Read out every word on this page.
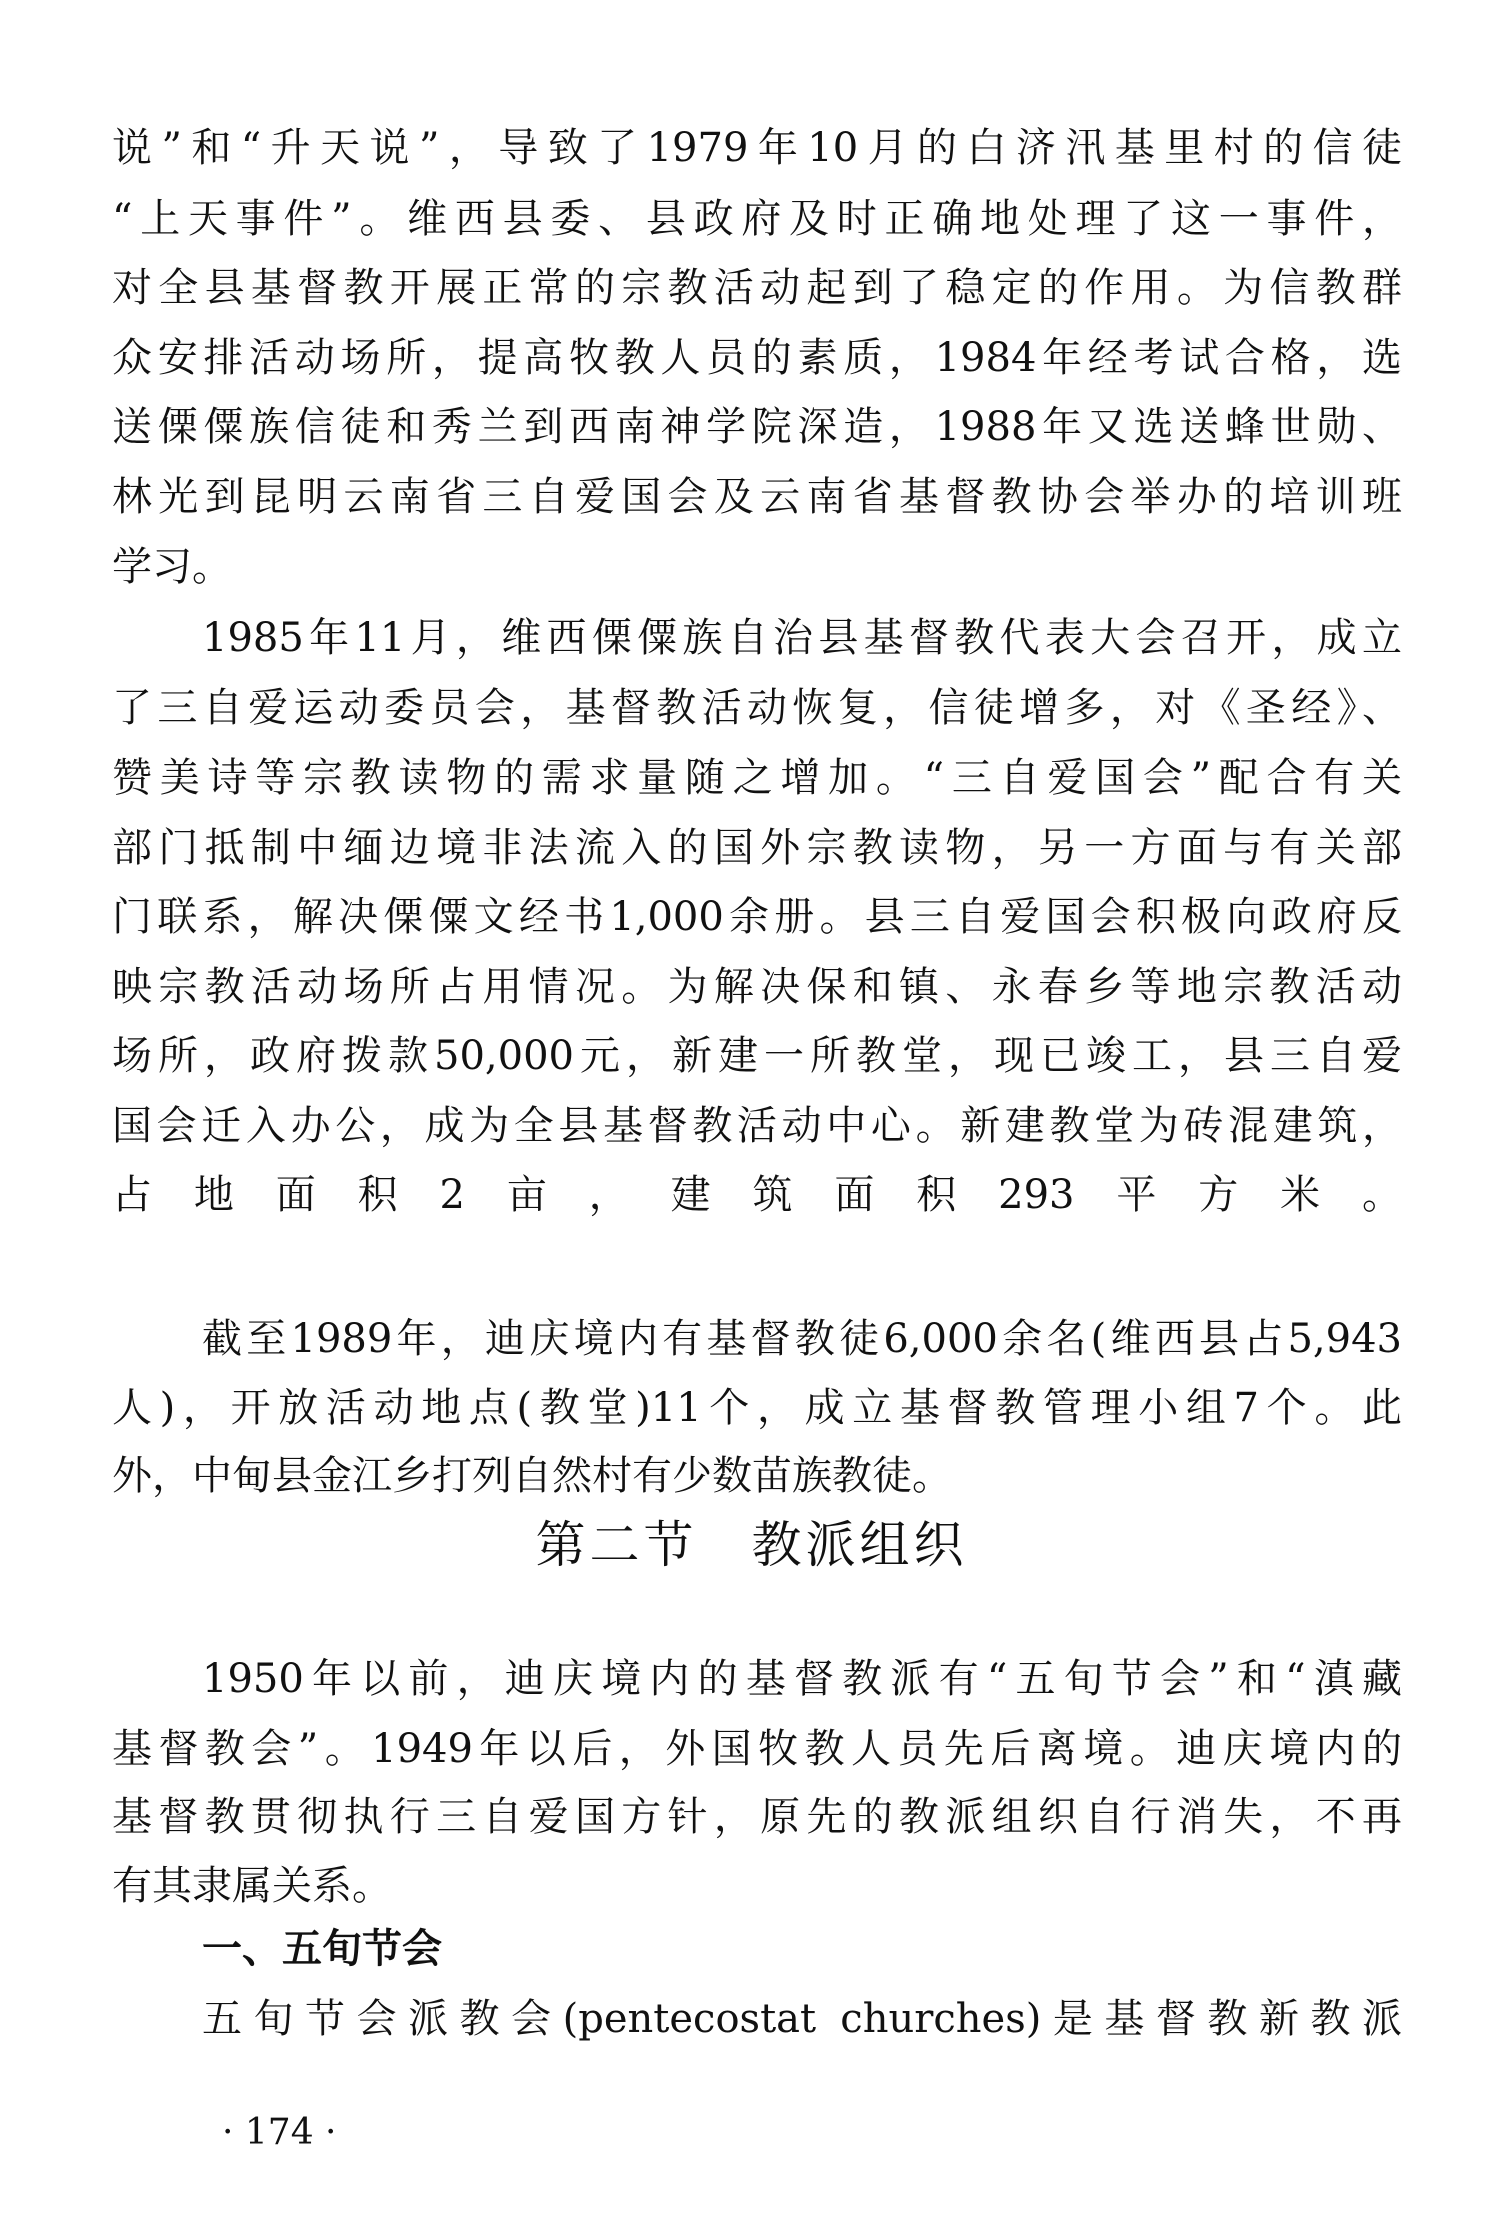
说”和“升天说”，导致了1979年10月的白济汛基里村的信徒
“上天事件”。维西县委、县政府及时正确地处理了这一事件，
对全县基督教开展正常的宗教活动起到了稳定的作用。为信教群
众安排活动场所，提高牧教人员的素质，1984年经考试合格，选
送傈僳族信徒和秀兰到西南神学院深造，1988年又选送蜂世勋、
林光到昆明云南省三自爱国会及云南省基督教协会举办的培训班
学习。
1985年11月，维西傈僳族自治县基督教代表大会召开，成立
了三自爱运动委员会，基督教活动恢复，信徒增多，对《圣经》、
赞美诗等宗教读物的需求量随之增加。“三自爱国会”配合有关
部门抵制中缅边境非法流入的国外宗教读物，另一方面与有关部
门联系，解决傈僳文经书1,000余册。县三自爱国会积极向政府反
映宗教活动场所占用情况。为解决保和镇、永春乡等地宗教活动
场所，政府拨款50,000元，新建一所教堂，现已竣工，县三自爱
国会迁入办公，成为全县基督教活动中心。新建教堂为砖混建筑，
占地面积2亩，建筑面积293平方米。
截至1989年，迪庆境内有基督教徒6,000余名(维西县占5,943
人)，开放活动地点(教堂)11个，成立基督教管理小组7个。此
外，中甸县金江乡打列自然村有少数苗族教徒。
第二节　教派组织
1950年以前，迪庆境内的基督教派有“五旬节会”和“滇藏
基督教会”。1949年以后，外国牧教人员先后离境。迪庆境内的
基督教贯彻执行三自爱国方针，原先的教派组织自行消失，不再
有其隶属关系。
一、五旬节会
五旬节会派教会(pentecostat churches)是基督教新教派
· 174 ·
